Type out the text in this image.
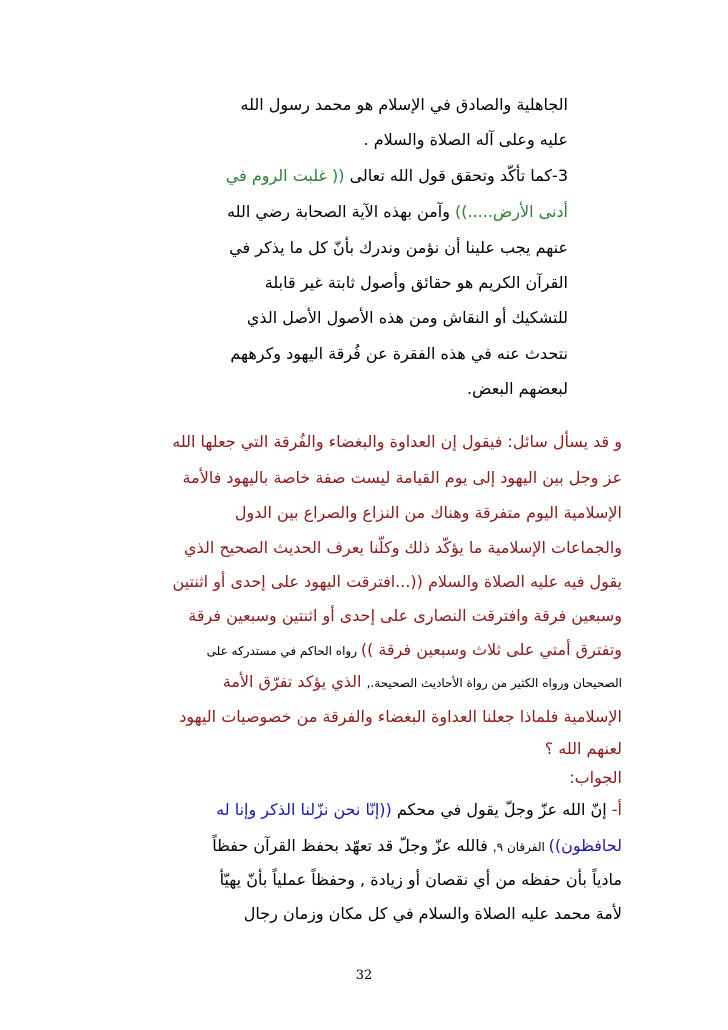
الجاهلية والصادق في الإسلام هو محمد رسول الله
عليه وعلى آله الصلاة والسلام .
3-كما تأكّد وتحقق قول الله تعالى (( غلبت الروم في
أدنى الأرض.....)) وآمن بهذه الآية الصحابة رضي الله
عنهم يجب علينا أن نؤمن وندرك بأنّ كل ما يذكر في
القرآن الكريم هو حقائق وأصول ثابتة غير قابلة
للتشكيك أو النقاش ومن هذه الأصول الأصل الذي
نتحدث عنه في هذه الفقرة عن فُرقة اليهود وكرههم
لبعضهم البعض.
و قد يسأل سائل: فيقول إن العداوة والبغضاء والفُرقة التي جعلها الله
عز وجل بين اليهود إلى يوم القيامة ليست صفة خاصة باليهود فالأمة
الإسلامية اليوم متفرقة وهناك من النزاع والصراع بين الدول
والجماعات الإسلامية ما يؤكّد ذلك وكلّنا يعرف الحديث الصحيح الذي
يقول فيه عليه الصلاة والسلام ((...افترقت اليهود على إحدى أو اثنتين
وسبعين فرقة وافترقت النصارى على إحدى أو اثنتين وسبعين فرقة
وتفترق أمتي على ثلاث وسبعين فرقة )) رواه الحاكم في مستدركه على
الصحيحان ورواه الكثير من رواة الأحاديث الصحيحة., الذي يؤكد تفرّق الأمة
الإسلامية فلماذا جعلنا العداوة البغضاء والفرقة من خصوصيات اليهود
لعنهم الله ؟
الجواب:
أ- إنّ الله عزّ وجلّ يقول في محكم ((إنّا نحن نزّلنا الذكر وإنا له
لحافظون)) الفرقان ٩, فالله عزّ وجلّ قد تعهّد بحفظ القرآن حفظاً
مادياً بأن حفظه من أي نقصان أو زيادة , وحفظاً عملياً بأنّ يهيّأ
لأمة محمد عليه الصلاة والسلام في كل مكان وزمان رجال
32
